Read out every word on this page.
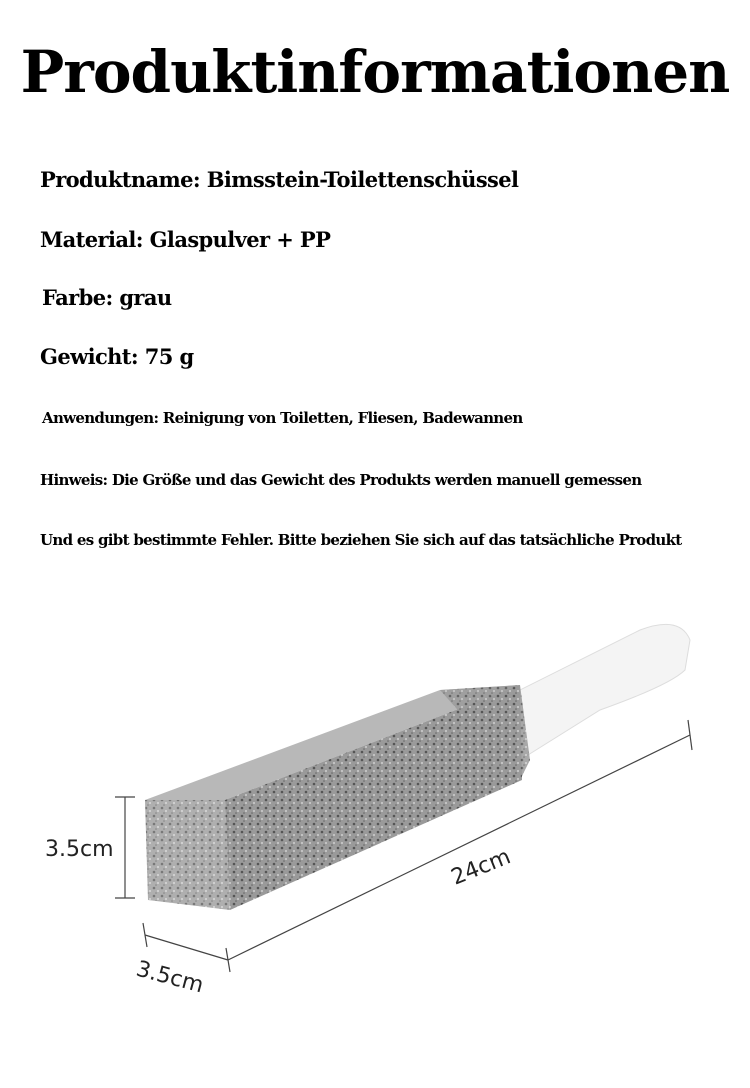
Produktinformationen
Produktname: Bimsstein-Toilettenschüssel
Material: Glaspulver + PP
Farbe: grau
Gewicht: 75 g
Anwendungen: Reinigung von Toiletten, Fliesen, Badewannen
Hinweis: Die Größe und das Gewicht des Produkts werden manuell gemessen
Und es gibt bestimmte Fehler. Bitte beziehen Sie sich auf das tatsächliche Produkt
3.5cm
3.5cm
24cm
